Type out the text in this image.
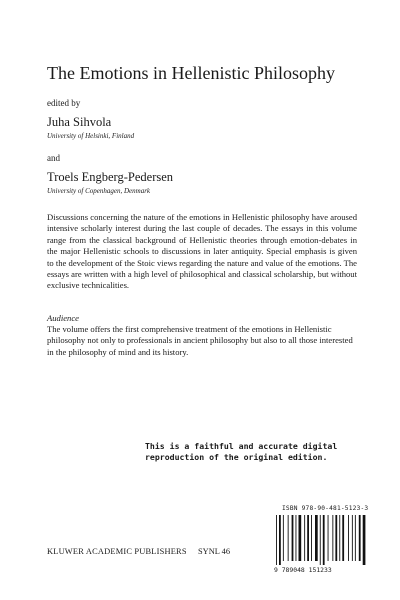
The Emotions in Hellenistic Philosophy
edited by
Juha Sihvola
University of Helsinki, Finland
and
Troels Engberg-Pedersen
University of Copenhagen, Denmark
Discussions concerning the nature of the emotions in Hellenistic philosophy have aroused intensive scholarly interest during the last couple of decades. The essays in this volume range from the classical background of Hellenistic theories through emotion-debates in the major Hellenistic schools to discussions in later antiquity. Special emphasis is given to the development of the Stoic views regarding the nature and value of the emotions. The essays are written with a high level of philosophical and classical scholarship, but without exclusive technicalities.
Audience
The volume offers the first comprehensive treatment of the emotions in Hellenistic philosophy not only to professionals in ancient philosophy but also to all those interested in the philosophy of mind and its history.
This is a faithful and accurate digital
reproduction of the original edition.
ISBN 978-90-481-5123-3
9 789048 151233
KLUWER ACADEMIC PUBLISHERS SYNL 46
